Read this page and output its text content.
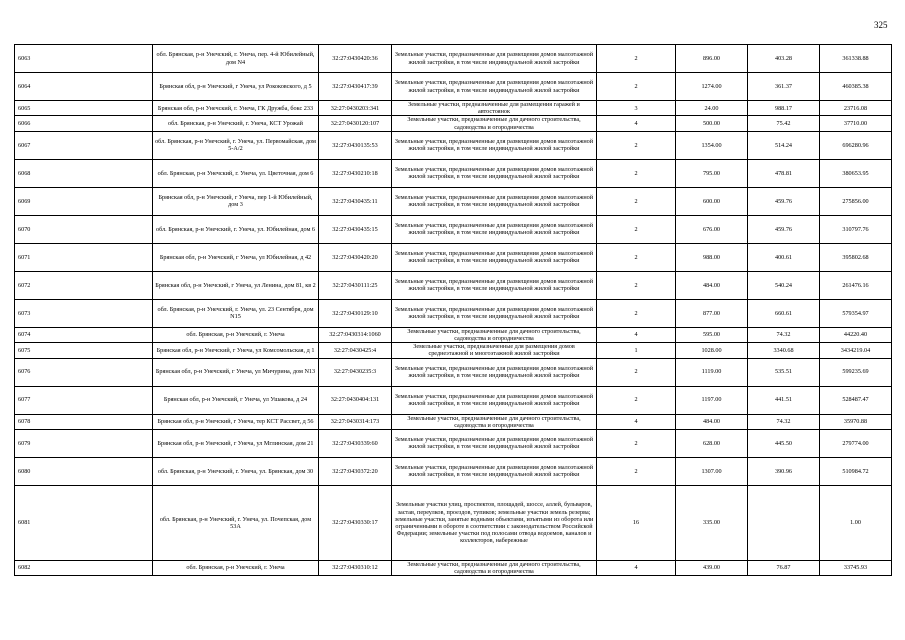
325
6063	обл. Брянская, р-н Унечский, г. Унеча, пер. 4-й Юбилейный, дом N4	32:27:0430420:36	Земельные участки, предназначенные для размещения домов малоэтажной жилой застройки, в том числе индивидуальной жилой застройки	2	896.00	403.28	361338.88
6064	Брянская обл, р-н Унечский, г Унеча, ул Рококовского, д 5	32:27:0430417:39	Земельные участки, предназначенные для размещения домов малоэтажной жилой застройки, в том числе индивидуальной жилой застройки	2	1274.00	361.37	460385.38
6065	Брянская обл, р-н Унечский, г. Унеча, ГК Дружба, бокс 233	32:27:0430203:341	Земельные участки, предназначенные для размещения гаражей и автостоянок	3	24.00	988.17	23716.08
6066	обл. Брянская, р-н Унечский, г. Унеча, КСТ Урожай	32:27:0430120:107	Земельные участки, предназначенные для дачного строительства, садоводства и огородничества	4	500.00	75.42	37710.00
6067	обл. Брянская, р-н Унечский, г. Унеча, ул. Первомайская, дом 5-А/2	32:27:0430135:53	Земельные участки, предназначенные для размещения домов малоэтажной жилой застройки, в том числе индивидуальной жилой застройки	2	1354.00	514.24	696280.96
6068	обл. Брянская, р-н Унечский, г. Унеча, ул. Цветочная, дом 6	32:27:0430210:18	Земельные участки, предназначенные для размещения домов малоэтажной жилой застройки, в том числе индивидуальной жилой застройки	2	795.00	478.81	380653.95
6069	Брянская обл, р-н Унечский, г Унеча, пер 1-й Юбилейный, дом 3	32:27:0430435:11	Земельные участки, предназначенные для размещения домов малоэтажной жилой застройки, в том числе индивидуальной жилой застройки	2	600.00	459.76	275856.00
6070	обл. Брянская, р-н Унечский, г. Унеча, ул. Юбилейная, дом 6	32:27:0430435:15	Земельные участки, предназначенные для размещения домов малоэтажной жилой застройки, в том числе индивидуальной жилой застройки	2	676.00	459.76	310797.76
6071	Брянская обл, р-н Унечский, г Унеча, ул Юбилейная, д 42	32:27:0430420:20	Земельные участки, предназначенные для размещения домов малоэтажной жилой застройки, в том числе индивидуальной жилой застройки	2	988.00	400.61	395802.68
6072	Брянская обл, р-н Унечский, г Унеча, ул Ленина, дом 81, кв 2	32:27:0430111:25	Земельные участки, предназначенные для размещения домов малоэтажной жилой застройки, в том числе индивидуальной жилой застройки	2	484.00	540.24	261476.16
6073	обл. Брянская, р-н Унечский, г. Унеча, ул. 23 Сентября, дом N15	32:27:0430129:10	Земельные участки, предназначенные для размещения домов малоэтажной жилой застройки, в том числе индивидуальной жилой застройки	2	877.00	660.61	579354.97
6074	обл. Брянская, р-н Унечский, г. Унеча	32:27:0430314:1060	Земельные участки, предназначенные для дачного строительства, садоводства и огородничества	4	595.00	74.32	44220.40
6075	Брянская обл, р-н Унечский, г Унеча, ул Комсомольская, д 1	32:27:0430425:4	Земельные участки, предназначенные для размещения домов среднеэтажной и многоэтажной жилой застройки	1	1028.00	3340.68	3434219.04
6076	Брянская обл, р-н Унечский, г Унеча, ул Мичурина, дом N13	32:27:0430235:3	Земельные участки, предназначенные для размещения домов малоэтажной жилой застройки, в том числе индивидуальной жилой застройки	2	1119.00	535.51	599235.69
6077	Брянская обл, р-н Унечский, г Унеча, ул Ушакова, д 24	32:27:0430404:131	Земельные участки, предназначенные для размещения домов малоэтажной жилой застройки, в том числе индивидуальной жилой застройки	2	1197.00	441.51	528487.47
6078	Брянская обл, р-н Унечский, г Унеча, тер КСТ Рассвет, д 56	32:27:0430314:173	Земельные участки, предназначенные для дачного строительства, садоводства и огородничества	4	484.00	74.32	35970.88
6079	Брянская обл, р-н Унечский, г Унеча, ул Мглинская, дом 21	32:27:0430339:60	Земельные участки, предназначенные для размещения домов малоэтажной жилой застройки, в том числе индивидуальной жилой застройки	2	628.00	445.50	279774.00
6080	обл. Брянская, р-н Унечский, г. Унеча, ул. Брянская, дом 30	32:27:0430372:20	Земельные участки, предназначенные для размещения домов малоэтажной жилой застройки, в том числе индивидуальной жилой застройки	2	1307.00	390.96	510984.72
6081	обл. Брянская, р-н Унечский, г. Унеча, ул. Почепская, дом 53А	32:27:0430330:17	Земельные участки улиц, проспектов, площадей, шоссе, аллей, бульваров, застав, переулков, проездов, тупиков; земельные участки земель резерва; земельные участки, занятые водными объектами, изъятыми из оборота или ограниченными в обороте в соответствии с законодательством Российской Федерации; земельные участки под полосами отвода водоемов, каналов и коллекторов, набережные	16	335.00		1.00
6082	обл. Брянская, р-н Унечский, г. Унеча	32:27:0430310:12	Земельные участки, предназначенные для дачного строительства, садоводства и огородничества	4	439.00	76.87	33745.93
